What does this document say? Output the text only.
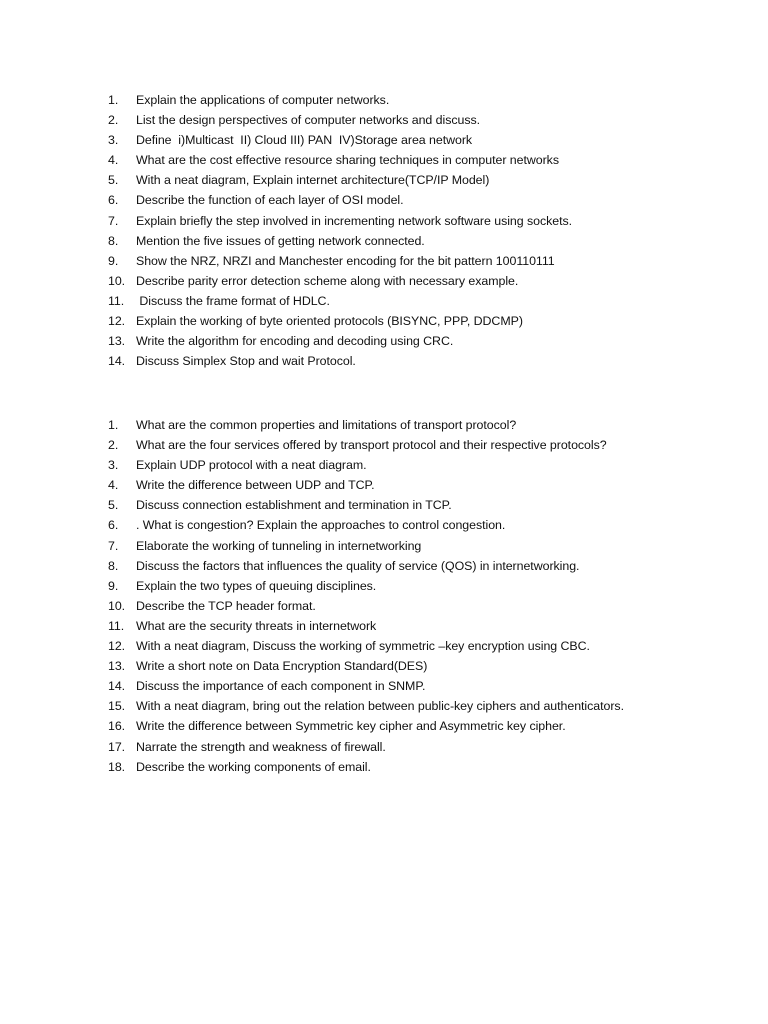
1.	Explain the applications of computer networks.
2.	List the design perspectives of computer networks and discuss.
3.	Define  i)Multicast  II) Cloud III) PAN  IV)Storage area network
4.	What are the cost effective resource sharing techniques in computer networks
5.	With a neat diagram, Explain internet architecture(TCP/IP Model)
6.	Describe the function of each layer of OSI model.
7.	Explain briefly the step involved in incrementing network software using sockets.
8.	Mention the five issues of getting network connected.
9.	Show the NRZ, NRZI and Manchester encoding for the bit pattern 100110111
10. Describe parity error detection scheme along with necessary example.
11. Discuss the frame format of HDLC.
12. Explain the working of byte oriented protocols (BISYNC, PPP, DDCMP)
13. Write the algorithm for encoding and decoding using CRC.
14. Discuss Simplex Stop and wait Protocol.
1.	What are the common properties and limitations of transport protocol?
2.	What are the four services offered by transport protocol and their respective protocols?
3.	Explain UDP protocol with a neat diagram.
4.	Write the difference between UDP and TCP.
5.	Discuss connection establishment and termination in TCP.
6.	. What is congestion? Explain the approaches to control congestion.
7.	Elaborate the working of tunneling in internetworking
8.	Discuss the factors that influences the quality of service (QOS) in internetworking.
9.	Explain the two types of queuing disciplines.
10. Describe the TCP header format.
11. What are the security threats in internetwork
12. With a neat diagram, Discuss the working of symmetric –key encryption using CBC.
13. Write a short note on Data Encryption Standard(DES)
14. Discuss the importance of each component in SNMP.
15. With a neat diagram, bring out the relation between public-key ciphers and authenticators.
16. Write the difference between Symmetric key cipher and Asymmetric key cipher.
17. Narrate the strength and weakness of firewall.
18. Describe the working components of email.
